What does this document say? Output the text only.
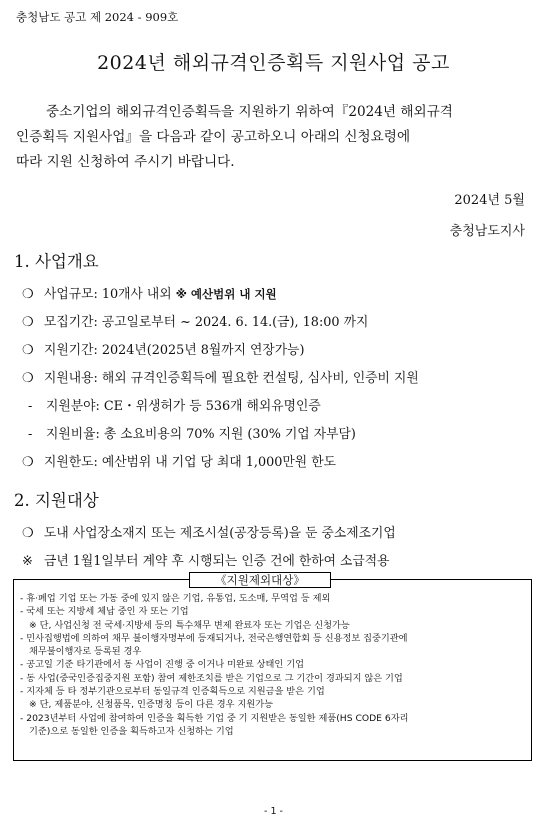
충청남도 공고 제 2024 - 909호
2024년 해외규격인증획득 지원사업 공고
중소기업의 해외규격인증획득을 지원하기 위하여『2024년 해외규격
인증획득 지원사업』을 다음과 같이 공고하오니 아래의 신청요령에
따라 지원 신청하여 주시기 바랍니다.
2024년 5월
충청남도지사
1. 사업개요
❍ 사업규모: 10개사 내외 ※ 예산범위 내 지원
❍ 모집기간: 공고일로부터 ~ 2024. 6. 14.(금), 18:00 까지
❍ 지원기간: 2024년(2025년 8월까지 연장가능)
❍ 지원내용: 해외 규격인증획득에 필요한 컨설팅, 심사비, 인증비 지원
- 지원분야: CE・위생허가 등 536개 해외유명인증
- 지원비율: 총 소요비용의 70% 지원 (30% 기업 자부담)
❍ 지원한도: 예산범위 내 기업 당 최대 1,000만원 한도
2. 지원대상
❍ 도내 사업장소재지 또는 제조시설(공장등록)을 둔 중소제조기업
※ 금년 1월1일부터 계약 후 시행되는 인증 건에 한하여 소급적용
《지원제외대상》
- 휴·폐업 기업 또는 가동 중에 있지 않은 기업, 유통업, 도소매, 무역업 등 제외
- 국세 또는 지방세 체납 중인 자 또는 기업
※ 단, 사업신청 전 국세·지방세 등의 특수채무 변제 완료자 또는 기업은 신청가능
- 민사집행법에 의하여 채무 불이행자명부에 등재되거나, 전국은행연합회 등 신용정보 집중기관에
채무불이행자로 등록된 경우
- 공고일 기준 타기관에서 동 사업이 진행 중 이거나 미완료 상태인 기업
- 동 사업(중국인증집중지원 포함) 참여 제한조치를 받은 기업으로 그 기간이 경과되지 않은 기업
- 지자체 등 타 정부기관으로부터 동일규격 인증획득으로 지원금을 받은 기업
※ 단, 제품분야, 신청품목, 인증명칭 등이 다른 경우 지원가능
- 2023년부터 사업에 참여하여 인증을 획득한 기업 중 기 지원받은 동일한 제품(HS CODE 6자리
기준)으로 동일한 인증을 획득하고자 신청하는 기업
- 1 -
